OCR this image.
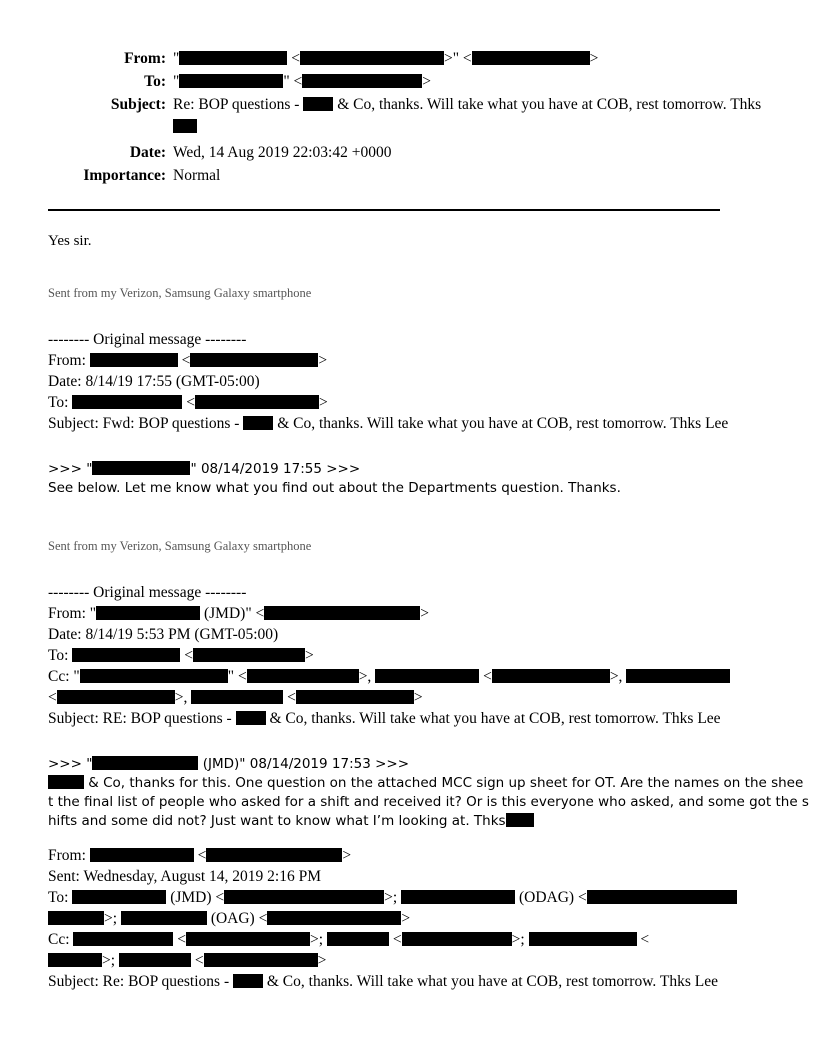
From: "	<	>" <	>
To: "	" <	>
Subject: Re: BOP questions - & Co, thanks. Will take what you have at COB, rest tomorrow. Thks
Date: Wed, 14 Aug 2019 22:03:42 +0000
Importance: Normal
Yes sir.
Sent from my Verizon, Samsung Galaxy smartphone
-------- Original message --------
From:	<	>
Date: 8/14/19 17:55 (GMT-05:00)
To:	<	>
Subject: Fwd: BOP questions - & Co, thanks. Will take what you have at COB, rest tomorrow. Thks Lee
>>> "	" 08/14/2019 17:55 >>>
See below. Let me know what you find out about the Departments question. Thanks.
Sent from my Verizon, Samsung Galaxy smartphone
-------- Original message --------
From: "	(JMD)" <	>
Date: 8/14/19 5:53 PM (GMT-05:00)
To:	<	>
Cc: "	" <	>,	<	>,
<	>,	<	>
Subject: RE: BOP questions - & Co, thanks. Will take what you have at COB, rest tomorrow. Thks Lee
>>> "	(JMD)" 08/14/2019 17:53 >>>
& Co, thanks for this. One question on the attached MCC sign up sheet for OT. Are the names on the shee
t the final list of people who asked for a shift and received it? Or is this everyone who asked, and some got the s
hifts and some did not? Just want to know what I’m looking at. Thks
From:	<	>
Sent: Wednesday, August 14, 2019 2:16 PM
To:	(JMD) <	>;	(ODAG) <
>;	(OAG) <	>
Cc:	<	>;	<	>;	<
>;	<	>
Subject: Re: BOP questions - & Co, thanks. Will take what you have at COB, rest tomorrow. Thks Lee
